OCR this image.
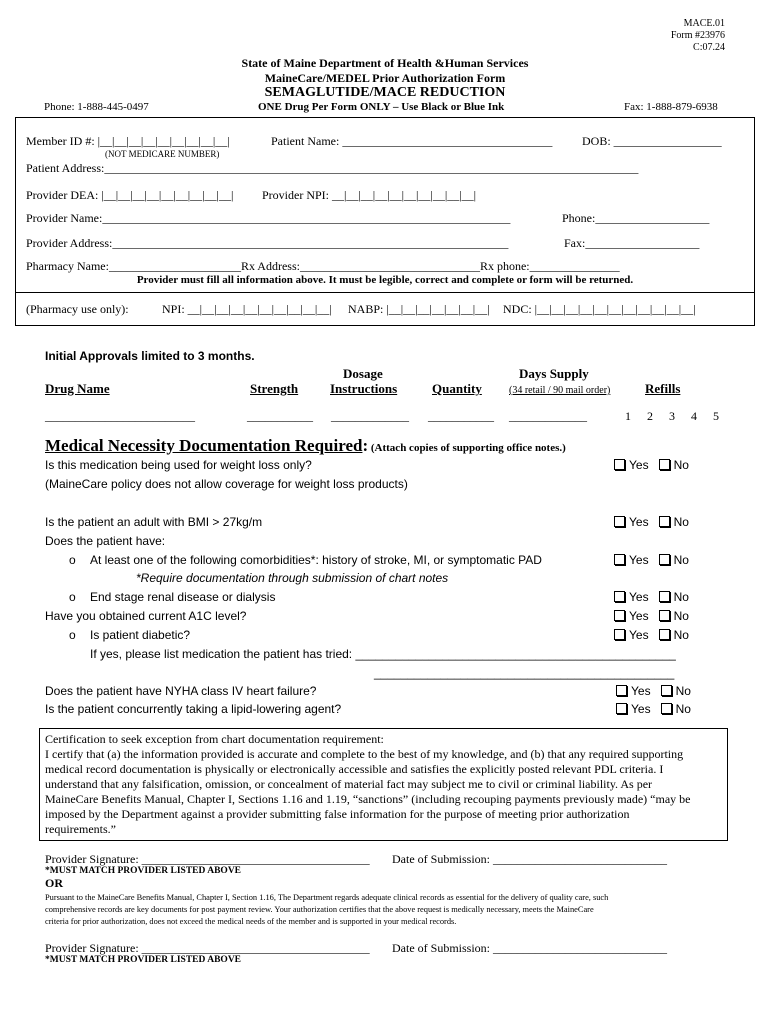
MACE.01
Form #23976
C:07.24
State of Maine Department of Health &Human Services
MaineCare/MEDEL Prior Authorization Form
SEMAGLUTIDE/MACE REDUCTION
ONE Drug Per Form ONLY – Use Black or Blue Ink
Phone: 1-888-445-0497	Fax: 1-888-879-6938
Member ID #: |__|__|__|__|__|__|__|__|__|
(NOT MEDICARE NUMBER)
Patient Name: ___________________________________ DOB: __________________
Patient Address:_________________________________________________________________________________________
Provider DEA: |__|__|__|__|__|__|__|__|__| Provider NPI: __|__|__|__|__|__|__|__|__|__|
Provider Name:____________________________________________________________________	Phone:___________________
Provider Address:__________________________________________________________________	Fax:___________________
Pharmacy Name:______________________Rx Address:______________________________Rx phone:_______________
Provider must fill all information above. It must be legible, correct and complete or form will be returned.
(Pharmacy use only):	NPI: __|__|__|__|__|__|__|__|__|__| NABP: |__|__|__|__|__|__|__| NDC: |__|__|__|__|__|__|__|__|__|__|__|
Initial Approvals limited to 3 months.
Drug Name	Strength
Dosage
Instructions	Quantity
Days Supply
(34 retail / 90 mail order)	Refills
_________________________	___________ _____________ ___________ _____________	1 2 3 4 5
Medical Necessity Documentation Required: (Attach copies of supporting office notes.)
Is this medication being used for weight loss only?
(MaineCare policy does not allow coverage for weight loss products)
Yes No
Is the patient an adult with BMI > 27kg/m	Yes No
Does the patient have:
o At least one of the following comorbidities*: history of stroke, MI, or symptomatic PAD	Yes No
*Require documentation through submission of chart notes
o End stage renal disease or dialysis	Yes No
Have you obtained current A1C level?	Yes No
o Is patient diabetic?	Yes No
If yes, please list medication the patient has tried: ________________________________________________
_____________________________________________
Does the patient have NYHA class IV heart failure?	Yes No
Is the patient concurrently taking a lipid-lowering agent?	Yes No
Certification to seek exception from chart documentation requirement:
I certify that (a) the information provided is accurate and complete to the best of my knowledge, and (b) that any required supporting
medical record documentation is physically or electronically accessible and satisfies the explicitly posted relevant PDL criteria. I
understand that any falsification, omission, or concealment of material fact may subject me to civil or criminal liability. As per
MaineCare Benefits Manual, Chapter I, Sections 1.16 and 1.19, “sanctions” (including recouping payments previously made) “may be
imposed by the Department against a provider submitting false information for the purpose of meeting prior authorization
requirements.”
Provider Signature: ______________________________________ Date of Submission: _____________________________
*MUST MATCH PROVIDER LISTED ABOVE
OR
Pursuant to the MaineCare Benefits Manual, Chapter I, Section 1.16, The Department regards adequate clinical records as essential for the delivery of quality care, such
comprehensive records are key documents for post payment review. Your authorization certifies that the above request is medically necessary, meets the MaineCare
criteria for prior authorization, does not exceed the medical needs of the member and is supported in your medical records.
Provider Signature: ______________________________________ Date of Submission: _____________________________
*MUST MATCH PROVIDER LISTED ABOVE
